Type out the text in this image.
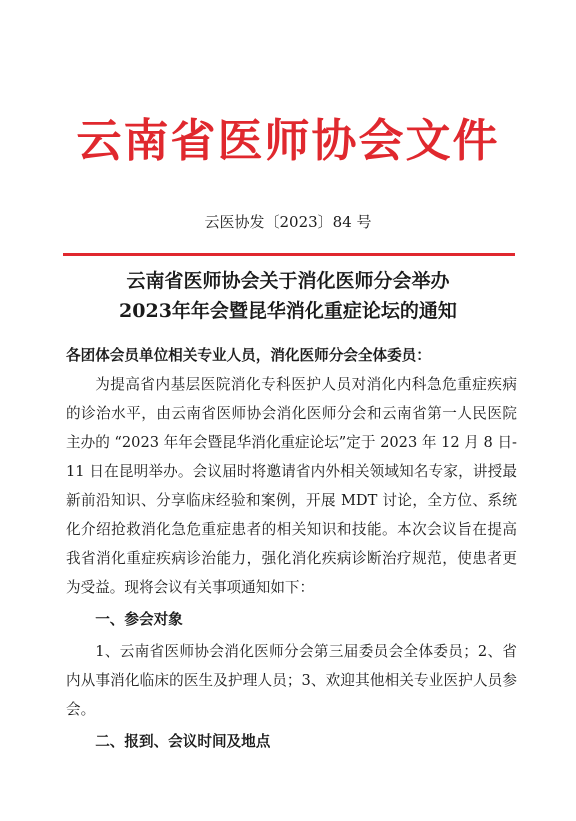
云南省医师协会文件
云医协发〔2023〕84 号
云南省医师协会关于消化医师分会举办
2023年年会暨昆华消化重症论坛的通知

各团体会员单位相关专业人员，消化医师分会全体委员：

为提高省内基层医院消化专科医护人员对消化内科急危重症疾病的诊治水平，由云南省医师协会消化医师分会和云南省第一人民医院主办的 “2023 年年会暨昆华消化重症论坛”定于 2023 年 12 月 8 日-11 日在昆明举办。会议届时将邀请省内外相关领域知名专家，讲授最新前沿知识、分享临床经验和案例，开展 MDT 讨论，全方位、系统化介绍抢救消化急危重症患者的相关知识和技能。本次会议旨在提高我省消化重症疾病诊治能力，强化消化疾病诊断治疗规范，使患者更为受益。现将会议有关事项通知如下：

一、参会对象

1、云南省医师协会消化医师分会第三届委员会全体委员；2、省内从事消化临床的医生及护理人员；3、欢迎其他相关专业医护人员参会。

二、报到、会议时间及地点
